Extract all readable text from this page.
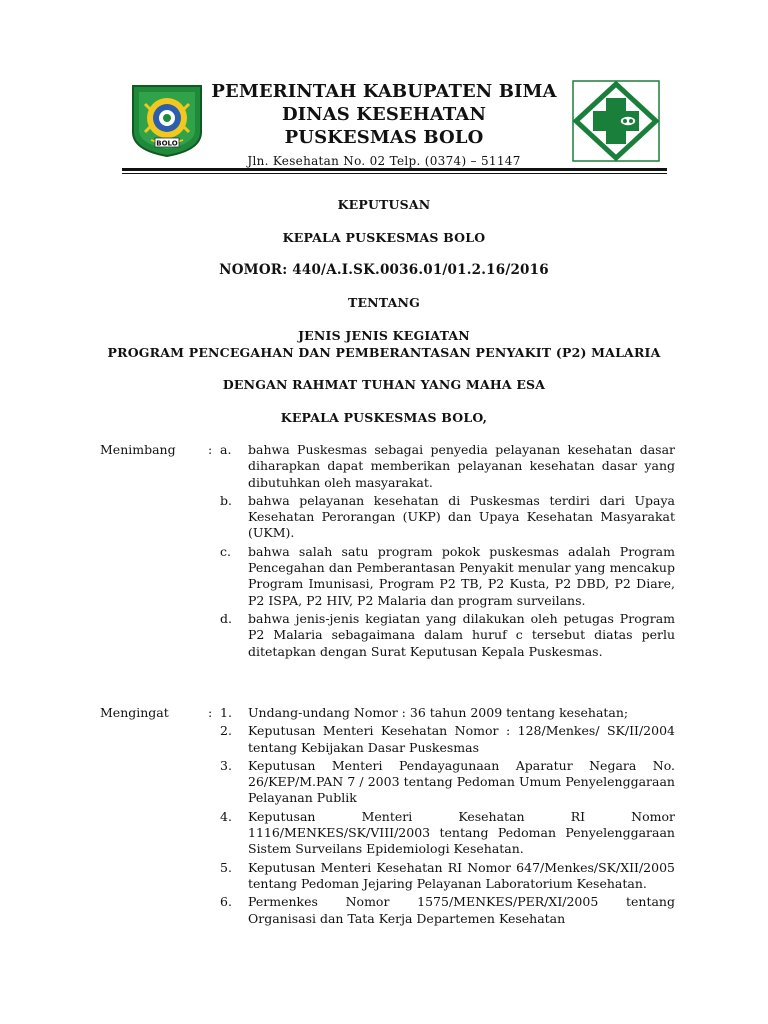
BOLO
PEMERINTAH KABUPATEN BIMA
DINAS KESEHATAN
PUSKESMAS BOLO
Jln. Kesehatan No. 02 Telp. (0374) – 51147
KEPUTUSAN
KEPALA PUSKESMAS BOLO
NOMOR: 440/A.I.SK.0036.01/01.2.16/2016
TENTANG
JENIS JENIS KEGIATAN
PROGRAM PENCEGAHAN DAN PEMBERANTASAN PENYAKIT (P2) MALARIA
DENGAN RAHMAT TUHAN YANG MAHA ESA
KEPALA PUSKESMAS BOLO,
Menimbang	: a.	bahwa Puskesmas sebagai penyedia pelayanan kesehatan dasar diharapkan dapat memberikan pelayanan kesehatan dasar yang dibutuhkan oleh masyarakat.
b.	bahwa pelayanan kesehatan di Puskesmas terdiri dari Upaya Kesehatan Perorangan (UKP) dan Upaya Kesehatan Masyarakat (UKM).
c.	bahwa salah satu program pokok puskesmas adalah Program Pencegahan dan Pemberantasan Penyakit menular yang mencakup Program Imunisasi, Program P2 TB, P2 Kusta, P2 DBD, P2 Diare, P2 ISPA, P2 HIV, P2 Malaria dan program surveilans.
d.	bahwa jenis-jenis kegiatan yang dilakukan oleh petugas Program P2 Malaria sebagaimana dalam huruf c tersebut diatas perlu ditetapkan dengan Surat Keputusan Kepala Puskesmas.
Mengingat	: 1.	Undang-undang Nomor : 36 tahun 2009 tentang kesehatan;
2.	Keputusan Menteri Kesehatan Nomor : 128/Menkes/ SK/II/2004 tentang Kebijakan Dasar Puskesmas
3.	Keputusan Menteri Pendayagunaan Aparatur Negara No. 26/KEP/M.PAN 7 / 2003 tentang Pedoman Umum Penyelenggaraan Pelayanan Publik
4.	Keputusan Menteri Kesehatan RI Nomor 1116/MENKES/SK/VIII/2003 tentang Pedoman Penyelenggaraan Sistem Surveilans Epidemiologi Kesehatan.
5.	Keputusan Menteri Kesehatan RI Nomor 647/Menkes/SK/XII/2005 tentang Pedoman Jejaring Pelayanan Laboratorium Kesehatan.
6.	Permenkes Nomor 1575/MENKES/PER/XI/2005 tentang Organisasi dan Tata Kerja Departemen Kesehatan
